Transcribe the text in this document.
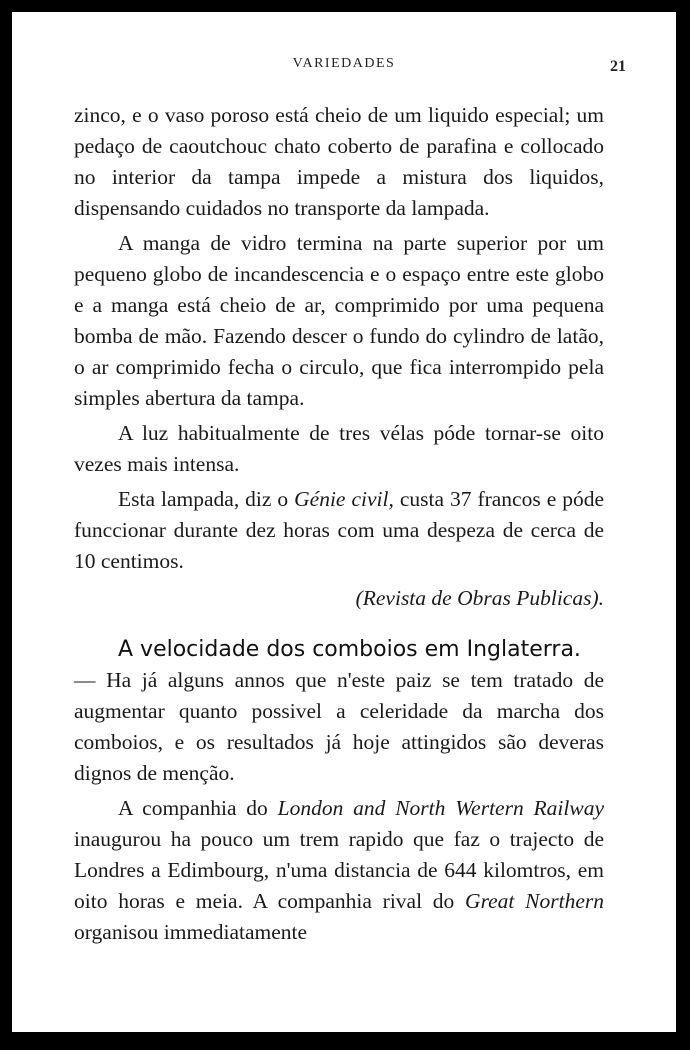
VARIEDADES	21

zinco, e o vaso poroso está cheio de um liquido especial; um pedaço de caoutchouc chato coberto de parafina e collocado no interior da tampa impede a mistura dos liquidos, dispensando cuidados no transporte da lampada.

A manga de vidro termina na parte superior por um pequeno globo de incandescencia e o espaço entre este globo e a manga está cheio de ar, comprimido por uma pequena bomba de mão. Fazendo descer o fundo do cylindro de latão, o ar comprimido fecha o circulo, que fica interrompido pela simples abertura da tampa.

A luz habitualmente de tres vélas póde tornar-se oito vezes mais intensa.

Esta lampada, diz o Génie civil, custa 37 francos e póde funccionar durante dez horas com uma despeza de cerca de 10 centimos.

(Revista de Obras Publicas).
A velocidade dos comboios em Inglaterra.

— Ha já alguns annos que n'este paiz se tem tratado de augmentar quanto possivel a celeridade da marcha dos comboios, e os resultados já hoje attingidos são deveras dignos de menção.

A companhia do London and North Wertern Railway inaugurou ha pouco um trem rapido que faz o trajecto de Londres a Edimbourg, n'uma distancia de 644 kilomtros, em oito horas e meia. A companhia rival do Great Northern organisou immediatamente
